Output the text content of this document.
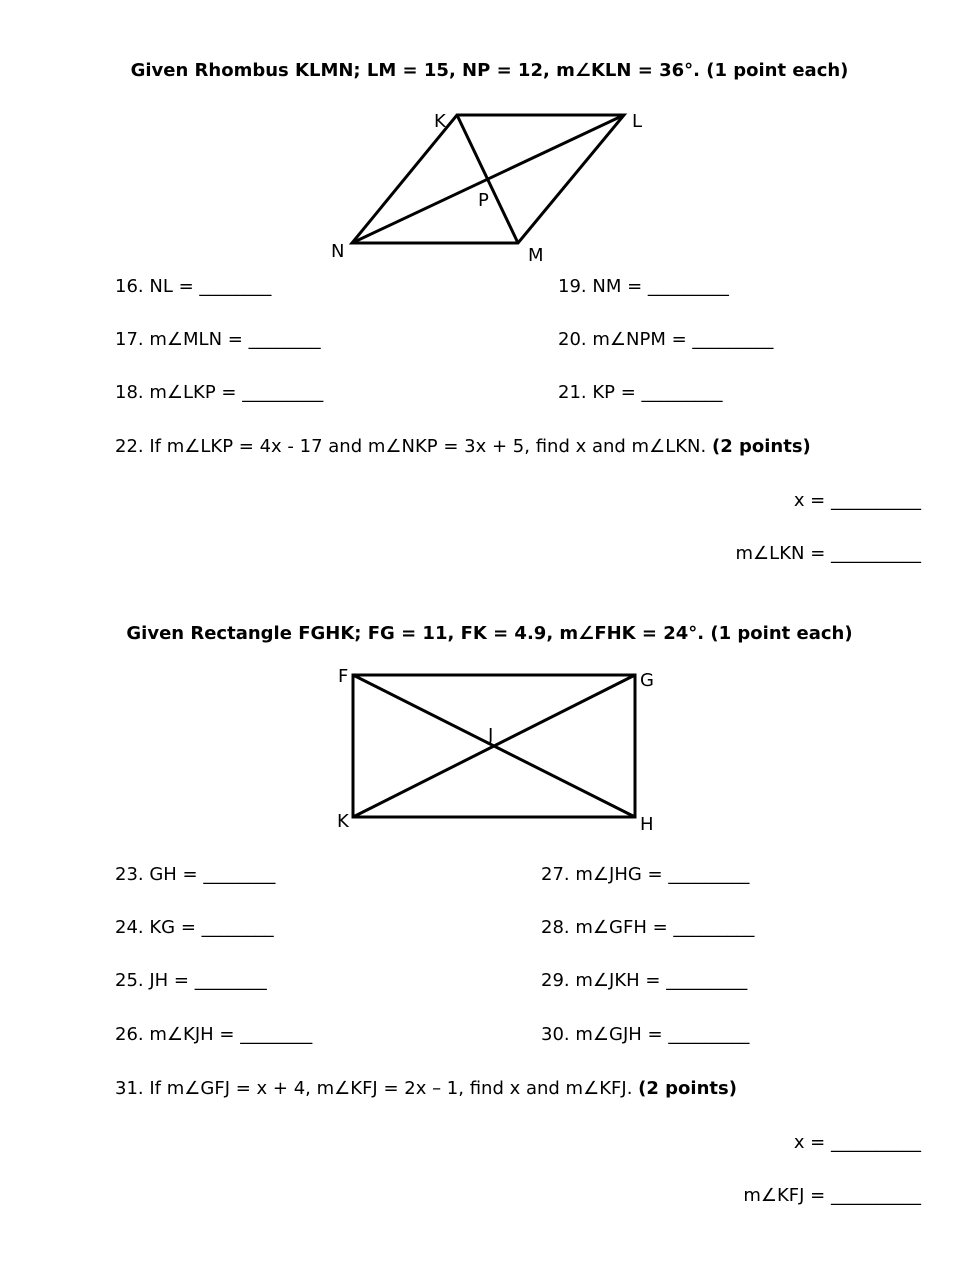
Given Rhombus KLMN; LM = 15, NP = 12, m∠KLN = 36°. (1 point each)
K	L
M
N
P
F	G
H
K
J
16. NL = ________
17. m∠MLN = ________
18. m∠LKP = _________
19. NM = _________
20. m∠NPM = _________
21. KP = _________
22. If m∠LKP = 4x - 17 and m∠NKP = 3x + 5, find x and m∠LKN. (2 points)
x = __________
m∠LKN = __________
Given Rectangle FGHK; FG = 11, FK = 4.9, m∠FHK = 24°. (1 point each)
23. GH = ________
24. KG = ________
25. JH = ________
26. m∠KJH = ________
27. m∠JHG = _________
28. m∠GFH = _________
29. m∠JKH = _________
30. m∠GJH = _________
31. If m∠GFJ = x + 4, m∠KFJ = 2x – 1, find x and m∠KFJ. (2 points)
x = __________
m∠KFJ = __________
